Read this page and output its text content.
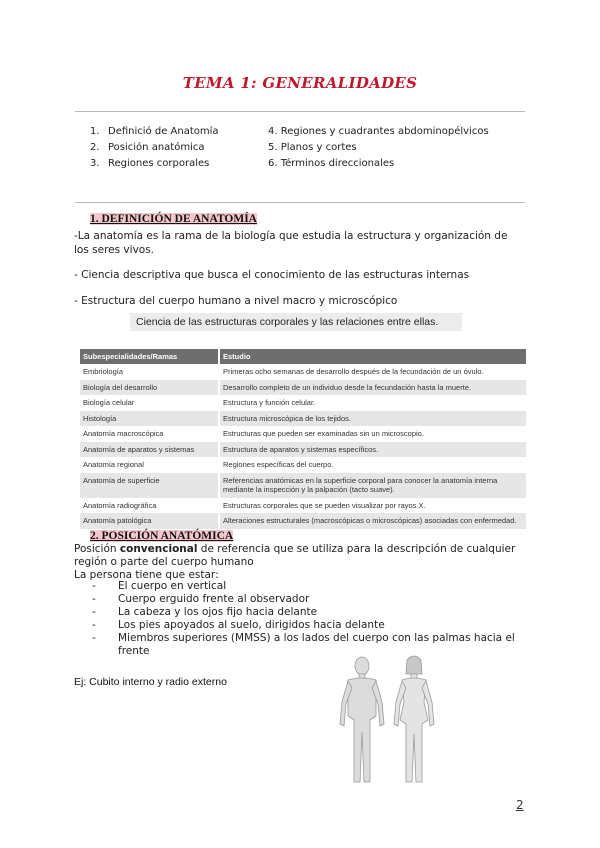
TEMA 1: GENERALIDADES
1. Definició de Anatomía
2. Posición anatómica
3. Regiones corporales
4. Regiones y cuadrantes abdominopélvicos
5. Planos y cortes
6. Términos direccionales
1. DEFINICIÓN DE ANATOMÍA
-La anatomía es la rama de la biología que estudia la estructura y organización de los seres vivos.
- Ciencia descriptiva que busca el conocimiento de las estructuras internas
- Estructura del cuerpo humano a nivel macro y microscópico
Ciencia de las estructuras corporales y las relaciones entre ellas.
Subespecialidades/Ramas	Estudio
Embriología	Primeras ocho semanas de desarrollo después de la fecundación de un óvulo.
Biología del desarrollo	Desarrollo completo de un individuo desde la fecundación hasta la muerte.
Biología celular	Estructura y función celular.
Histología	Estructura microscópica de los tejidos.
Anatomía macroscópica	Estructuras que pueden ser examinadas sin un microscopio.
Anatomía de aparatos y sistemas	Estructura de aparatos y sistemas específicos.
Anatomía regional	Regiones específicas del cuerpo.
Anatomía de superficie	Referencias anatómicas en la superficie corporal para conocer la anatomía interna mediante la inspección y la palpación (tacto suave).
Anatomía radiográfica	Estructuras corporales que se pueden visualizar por rayos X.
Anatomía patológica	Alteraciones estructurales (macroscópicas o microscópicas) asociadas con enfermedad.
2. POSICIÓN ANATÓMICA
Posición convencional de referencia que se utiliza para la descripción de cualquier región o parte del cuerpo humano
La persona tiene que estar:
- El cuerpo en vertical
- Cuerpo erguido frente al observador
- La cabeza y los ojos fijo hacia delante
- Los pies apoyados al suelo, dirigidos hacia delante
- Miembros superiores (MMSS) a los lados del cuerpo con las palmas hacia el frente
Ej: Cubito interno y radio externo
2
